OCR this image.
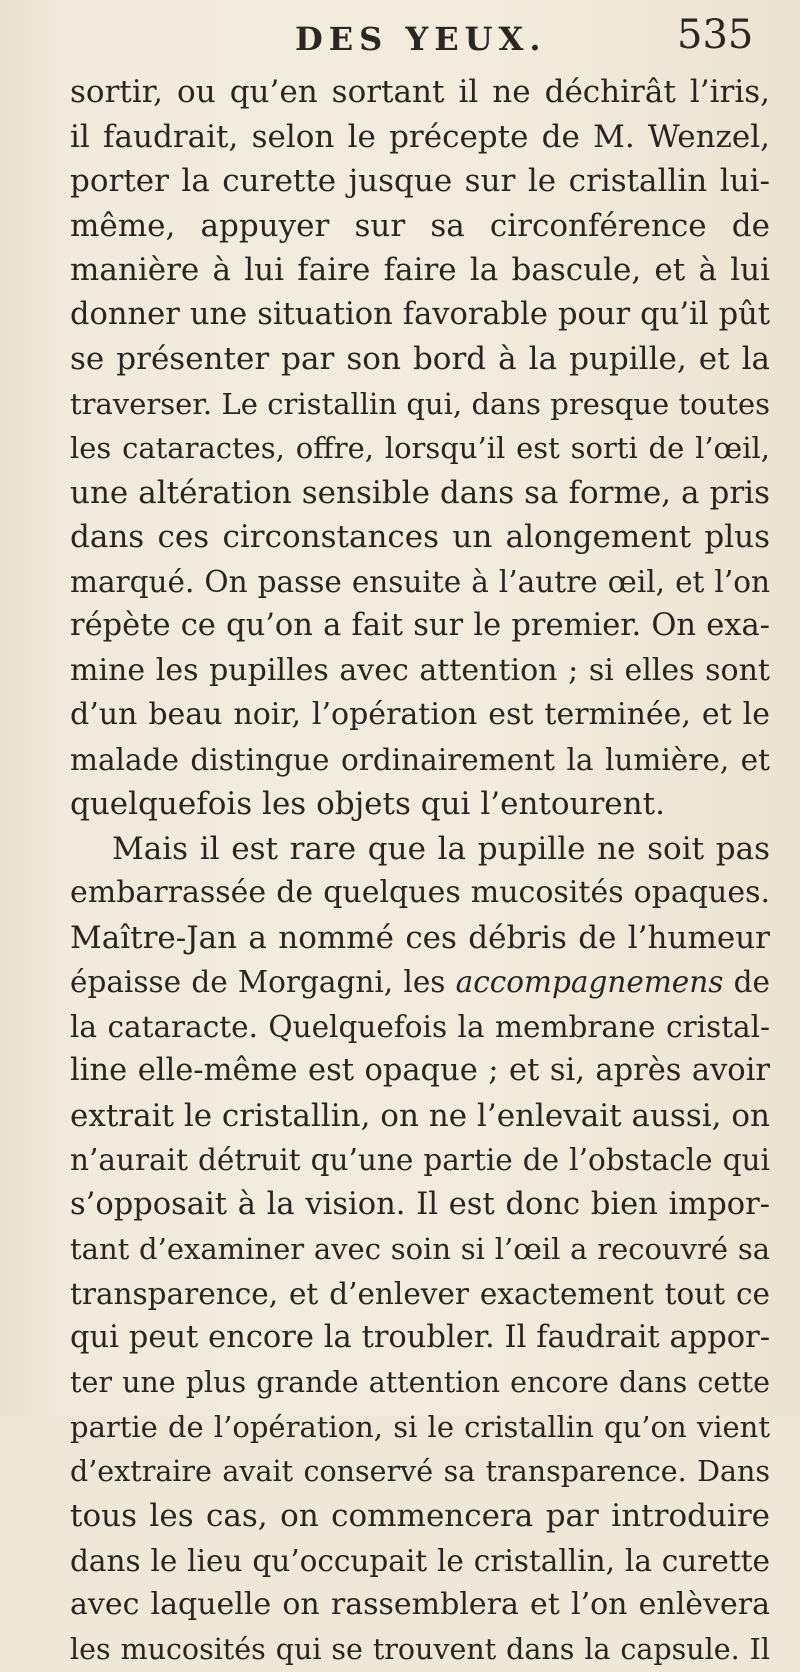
DES YEUX.	535
sortir, ou qu’en sortant il ne déchirât l’iris,
il faudrait, selon le précepte de M. Wenzel,
porter la curette jusque sur le cristallin lui-
même, appuyer sur sa circonférence de
manière à lui faire faire la bascule, et à lui
donner une situation favorable pour qu’il pût
se présenter par son bord à la pupille, et la
traverser. Le cristallin qui, dans presque toutes
les cataractes, offre, lorsqu’il est sorti de l’œil,
une altération sensible dans sa forme, a pris
dans ces circonstances un alongement plus
marqué. On passe ensuite à l’autre œil, et l’on
répète ce qu’on a fait sur le premier. On exa-
mine les pupilles avec attention ; si elles sont
d’un beau noir, l’opération est terminée, et le
malade distingue ordinairement la lumière, et
quelquefois les objets qui l’entourent.
Mais il est rare que la pupille ne soit pas
embarrassée de quelques mucosités opaques.
Maître-Jan a nommé ces débris de l’humeur
épaisse de Morgagni, les accompagnemens de
la cataracte. Quelquefois la membrane cristal-
line elle-même est opaque ; et si, après avoir
extrait le cristallin, on ne l’enlevait aussi, on
n’aurait détruit qu’une partie de l’obstacle qui
s’opposait à la vision. Il est donc bien impor-
tant d’examiner avec soin si l’œil a recouvré sa
transparence, et d’enlever exactement tout ce
qui peut encore la troubler. Il faudrait appor-
ter une plus grande attention encore dans cette
partie de l’opération, si le cristallin qu’on vient
d’extraire avait conservé sa transparence. Dans
tous les cas, on commencera par introduire
dans le lieu qu’occupait le cristallin, la curette
avec laquelle on rassemblera et l’on enlèvera
les mucosités qui se trouvent dans la capsule. Il
